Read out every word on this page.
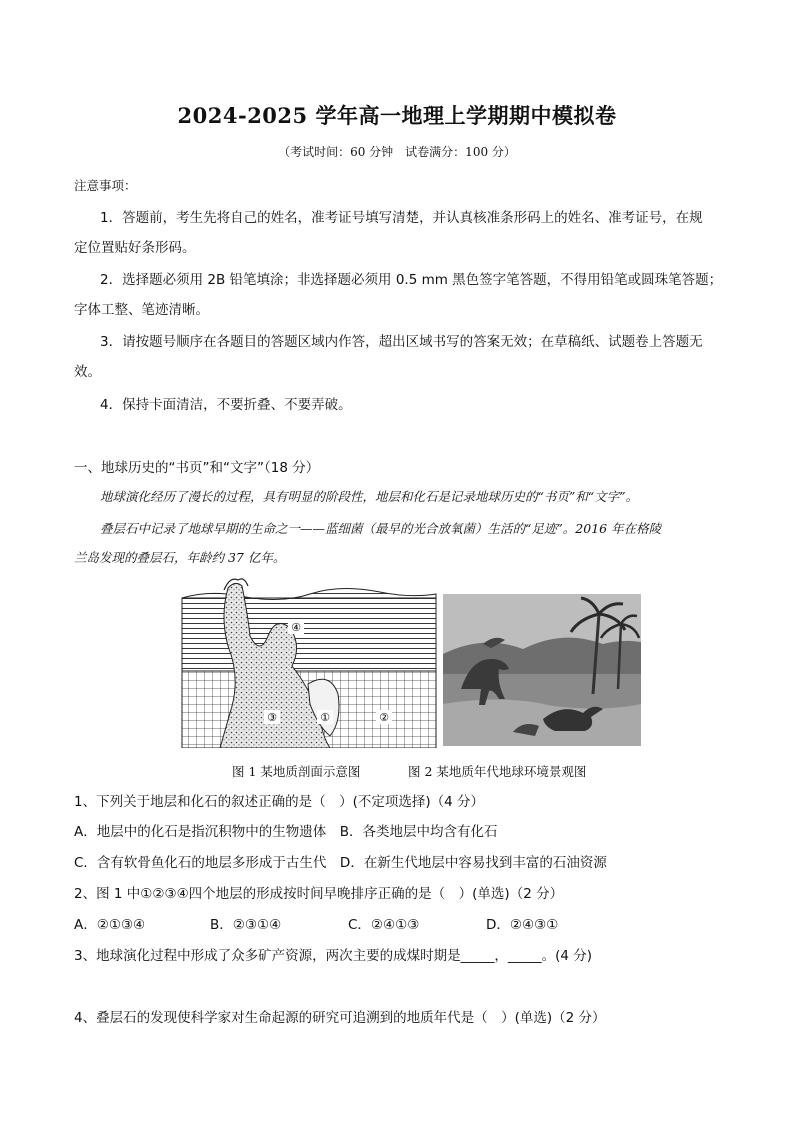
2024-2025 学年高一地理上学期期中模拟卷
（考试时间：60 分钟　试卷满分：100 分）
注意事项：
1．答题前，考生先将自己的姓名，准考证号填写清楚，并认真核准条形码上的姓名、准考证号，在规
定位置贴好条形码。
2．选择题必须用 2B 铅笔填涂；非选择题必须用 0.5 mm 黑色签字笔答题，不得用铅笔或圆珠笔答题；
字体工整、笔迹清晰。
3．请按题号顺序在各题目的答题区域内作答，超出区域书写的答案无效；在草稿纸、试题卷上答题无
效。
4．保持卡面清洁，不要折叠、不要弄破。
一、地球历史的“书页”和“文字”（18 分）
地球演化经历了漫长的过程，具有明显的阶段性，地层和化石是记录地球历史的“书页”和“文字”。
叠层石中记录了地球早期的生命之一——蓝细菌（最早的光合放氧菌）生活的“足迹”。2016 年在格陵
兰岛发现的叠层石，年龄约 37 亿年。
④
③	①	②
图 1 某地质剖面示意图	图 2 某地质年代地球环境景观图
1、下列关于地层和化石的叙述正确的是（　）(不定项选择)（4 分）
A．地层中的化石是指沉积物中的生物遗体　B．各类地层中均含有化石
C．含有软骨鱼化石的地层多形成于古生代　D．在新生代地层中容易找到丰富的石油资源
2、图 1 中①②③④四个地层的形成按时间早晚排序正确的是（　）(单选)（2 分）
A．②①③④	B．②③①④	C．②④①③	D．②④③①
3、地球演化过程中形成了众多矿产资源，两次主要的成煤时期是_____，_____。(4 分)
4、叠层石的发现使科学家对生命起源的研究可追溯到的地质年代是（　）(单选)（2 分）
